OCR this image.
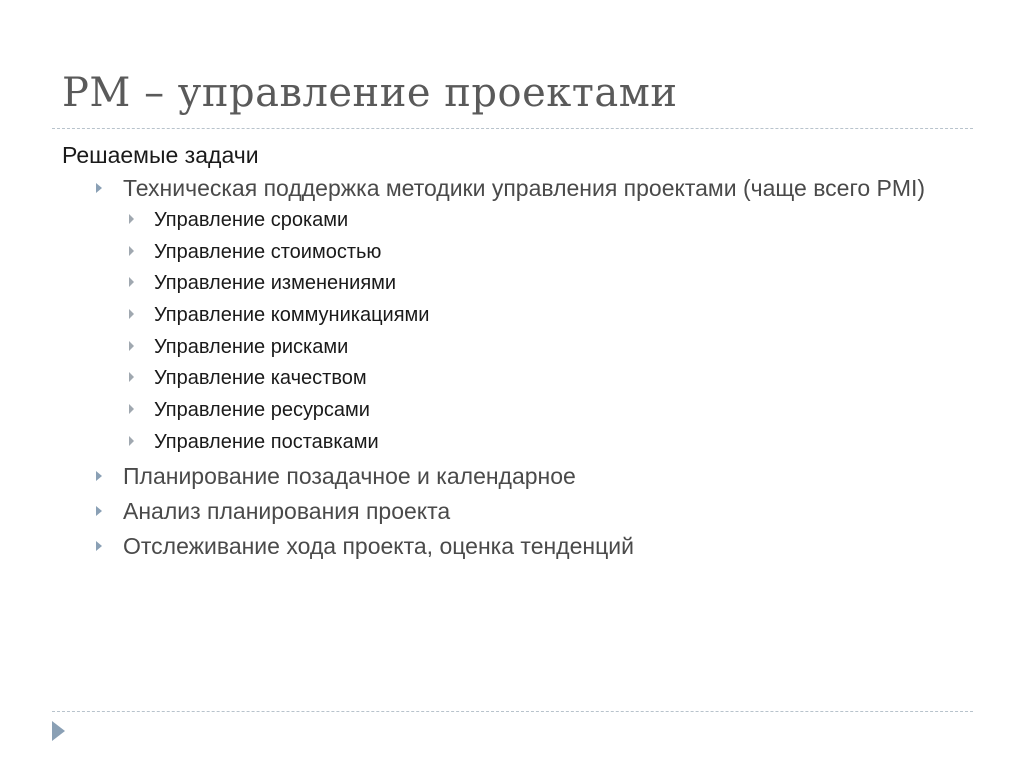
PM – управление проектами
Решаемые задачи
Техническая поддержка методики управления проектами (чаще всего PMI)
Управление сроками
Управление стоимостью
Управление изменениями
Управление коммуникациями
Управление рисками
Управление качеством
Управление ресурсами
Управление поставками
Планирование позадачное и календарное
Анализ планирования проекта
Отслеживание хода проекта, оценка тенденций
